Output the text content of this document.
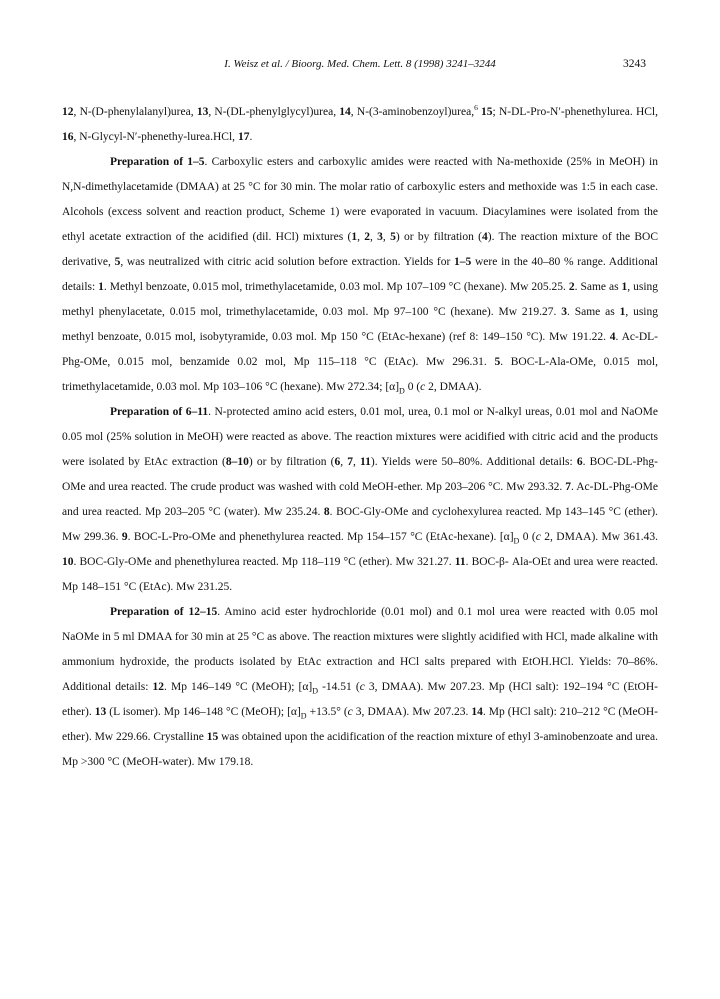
I. Weisz et al. / Bioorg. Med. Chem. Lett. 8 (1998) 3241–3244	3243

12, N-(D-phenylalanyl)urea, 13, N-(DL-phenylglycyl)urea, 14, N-(3-aminobenzoyl)urea,$^6$ 15; N-DL-Pro-N′-phenethylurea. HCl, 16, N-Glycyl-N′-phenethy-lurea.HCl, 17.

Preparation of 1–5. Carboxylic esters and carboxylic amides were reacted with Na-methoxide (25% in MeOH) in N,N-dimethylacetamide (DMAA) at 25 °C for 30 min. The molar ratio of carboxylic esters and methoxide was 1:5 in each case. Alcohols (excess solvent and reaction product, Scheme 1) were evaporated in vacuum. Diacylamines were isolated from the ethyl acetate extraction of the acidified (dil. HCl) mixtures (1, 2, 3, 5) or by filtration (4). The reaction mixture of the BOC derivative, 5, was neutralized with citric acid solution before extraction. Yields for 1–5 were in the 40–80 % range. Additional details: 1. Methyl benzoate, 0.015 mol, trimethylacetamide, 0.03 mol. Mp 107–109 °C (hexane). Mw 205.25. 2. Same as 1, using methyl phenylacetate, 0.015 mol, trimethylacetamide, 0.03 mol. Mp 97–100 °C (hexane). Mw 219.27. 3. Same as 1, using methyl benzoate, 0.015 mol, isobytyramide, 0.03 mol. Mp 150 °C (EtAc-hexane) (ref 8: 149–150 °C). Mw 191.22. 4. Ac-DL-Phg-OMe, 0.015 mol, benzamide 0.02 mol, Mp 115–118 °C (EtAc). Mw 296.31. 5. BOC-L-Ala-OMe, 0.015 mol, trimethylacetamide, 0.03 mol. Mp 103–106 °C (hexane). Mw 272.34; $[\alpha]_D$ 0 (c 2, DMAA).

Preparation of 6–11. N-protected amino acid esters, 0.01 mol, urea, 0.1 mol or N-alkyl ureas, 0.01 mol and NaOMe 0.05 mol (25% solution in MeOH) were reacted as above. The reaction mixtures were acidified with citric acid and the products were isolated by EtAc extraction (8–10) or by filtration (6, 7, 11). Yields were 50–80%. Additional details: 6. BOC-DL-Phg-OMe and urea reacted. The crude product was washed with cold MeOH-ether. Mp 203–206 °C. Mw 293.32. 7. Ac-DL-Phg-OMe and urea reacted. Mp 203–205 °C (water). Mw 235.24. 8. BOC-Gly-OMe and cyclohexylurea reacted. Mp 143–145 °C (ether). Mw 299.36. 9. BOC-L-Pro-OMe and phenethylurea reacted. Mp 154–157 °C (EtAc-hexane). $[\alpha]_D$ 0 (c 2, DMAA). Mw 361.43. 10. BOC-Gly-OMe and phenethylurea reacted. Mp 118–119 °C (ether). Mw 321.27. 11. BOC-β- Ala-OEt and urea were reacted. Mp 148–151 °C (EtAc). Mw 231.25.

Preparation of 12–15. Amino acid ester hydrochloride (0.01 mol) and 0.1 mol urea were reacted with 0.05 mol NaOMe in 5 ml DMAA for 30 min at 25 °C as above. The reaction mixtures were slightly acidified with HCl, made alkaline with ammonium hydroxide, the products isolated by EtAc extraction and HCl salts prepared with EtOH.HCl. Yields: 70–86%. Additional details: 12. Mp 146–149 °C (MeOH); $[\alpha]_D$ -14.51 (c 3, DMAA). Mw 207.23. Mp (HCl salt): 192–194 °C (EtOH-ether). 13 (L isomer). Mp 146–148 °C (MeOH); $[\alpha]_D +13.5^\circ$ (c 3, DMAA). Mw 207.23. 14. Mp (HCl salt): 210–212 °C (MeOH-ether). Mw 229.66. Crystalline 15 was obtained upon the acidification of the reaction mixture of ethyl 3-aminobenzoate and urea. Mp >300 °C (MeOH-water). Mw 179.18.
